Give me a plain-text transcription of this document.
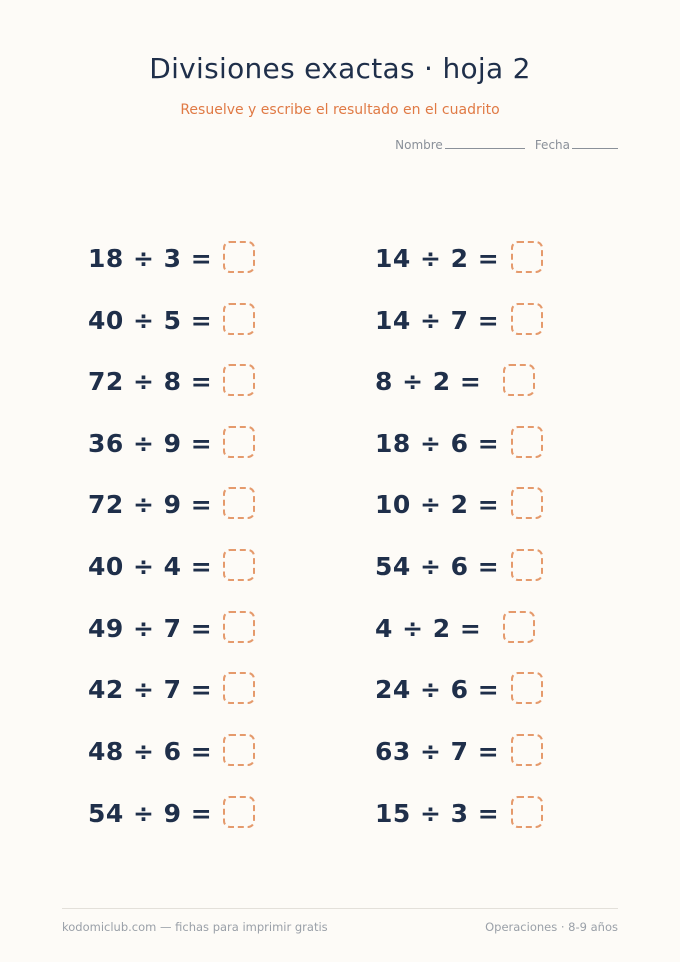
Divisiones exactas · hoja 2
Resuelve y escribe el resultado en el cuadrito
Nombre	Fecha
18 ÷ 3 =
40 ÷ 5 =
72 ÷ 8 =
36 ÷ 9 =
72 ÷ 9 =
40 ÷ 4 =
49 ÷ 7 =
42 ÷ 7 =
48 ÷ 6 =
54 ÷ 9 =
14 ÷ 2 =
14 ÷ 7 =
8 ÷ 2 =
18 ÷ 6 =
10 ÷ 2 =
54 ÷ 6 =
4 ÷ 2 =
24 ÷ 6 =
63 ÷ 7 =
15 ÷ 3 =
kodomiclub.com — fichas para imprimir gratis	Operaciones · 8-9 años
